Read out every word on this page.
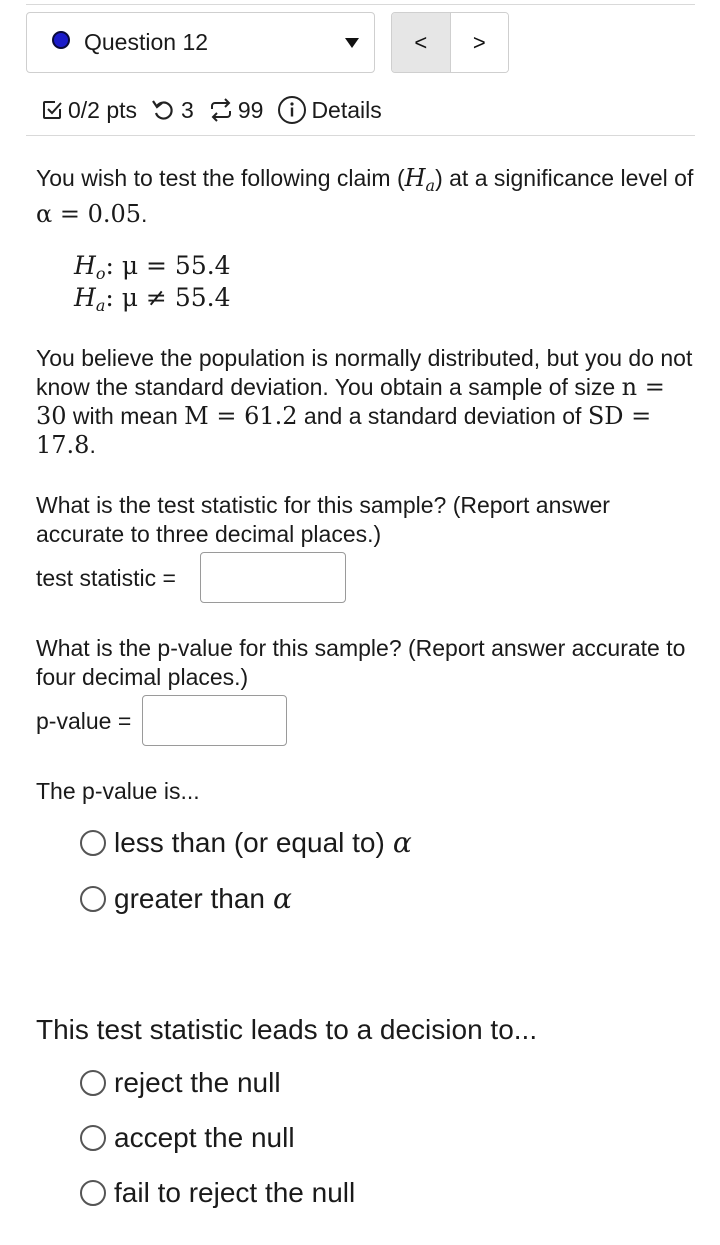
Question 12	<	>
0/2 pts 3 99 Details
You wish to test the following claim $(H_a)$ at a significance level of α = 0.05.
$H_o$: μ = 55.4
$H_a$: μ ≠ 55.4
You believe the population is normally distributed, but you do not know the standard deviation. You obtain a sample of size n = 30 with mean M = 61.2 and a standard deviation of SD = 17.8.
What is the test statistic for this sample? (Report answer accurate to three decimal places.)
test statistic =
What is the p-value for this sample? (Report answer accurate to four decimal places.)
p-value =
The p-value is...
less than (or equal to) α
greater than α
This test statistic leads to a decision to...
reject the null
accept the null
fail to reject the null
